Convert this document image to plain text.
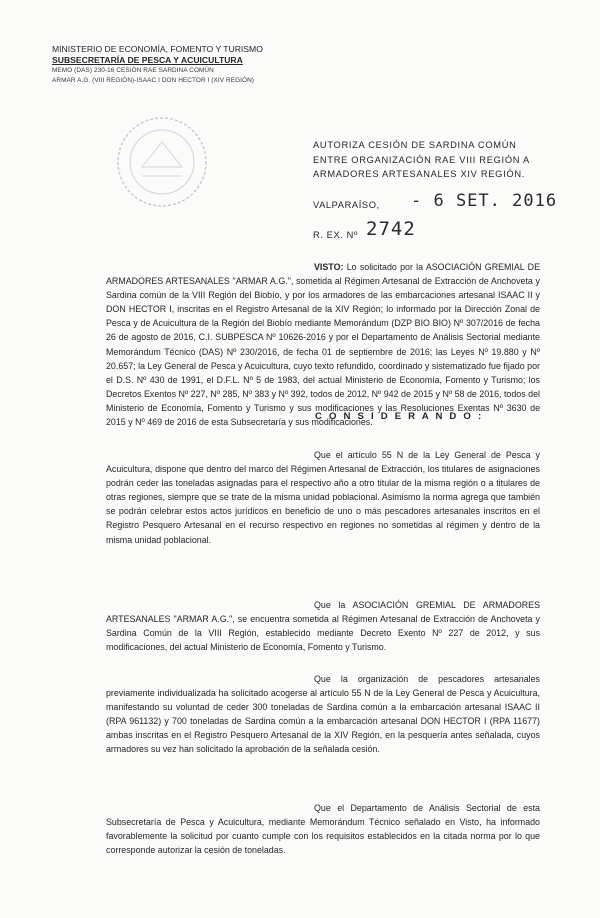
MINISTERIO DE ECONOMÍA, FOMENTO Y TURISMO
SUBSECRETARÍA DE PESCA Y ACUICULTURA
MEMO (DAS) 230-16 CESIÓN RAE SARDINA COMÚN
ARMAR A.G. (VIII REGIÓN)-ISAAC I DON HECTOR I (XIV REGIÓN)
AUTORIZA CESIÓN DE SARDINA COMÚN ENTRE ORGANIZACIÓN RAE VIII REGIÓN A ARMADORES ARTESANALES XIV REGIÓN.
VALPARAÍSO, - 6 SET. 2016
R. EX. Nº 2742
VISTO: Lo solicitado por la ASOCIACIÓN GREMIAL DE ARMADORES ARTESANALES "ARMAR A.G.", sometida al Régimen Artesanal de Extracción de Anchoveta y Sardina común de la VIII Región del Biobío, y por los armadores de las embarcaciones artesanal ISAAC II y DON HECTOR I, inscritas en el Registro Artesanal de la XIV Región; lo informado por la Dirección Zonal de Pesca y de Acuicultura de la Región del Biobío mediante Memorándum (DZP BIO BIO) Nº 307/2016 de fecha 26 de agosto de 2016, C.I. SUBPESCA Nº 10626-2016 y por el Departamento de Análisis Sectorial mediante Memorándum Técnico (DAS) Nº 230/2016, de fecha 01 de septiembre de 2016; las Leyes Nº 19.880 y Nº 20.657; la Ley General de Pesca y Acuicultura, cuyo texto refundido, coordinado y sistematizado fue fijado por el D.S. Nº 430 de 1991, el D.F.L. Nº 5 de 1983, del actual Ministerio de Economía, Fomento y Turismo; los Decretos Exentos Nº 227, Nº 285, Nº 383 y Nº 392, todos de 2012, Nº 942 de 2015 y Nº 58 de 2016, todos del Ministerio de Economía, Fomento y Turismo y sus modificaciones y las Resoluciones Exentas Nº 3630 de 2015 y Nº 469 de 2016 de esta Subsecretaría y sus modificaciones.
C O N S I D E R A N D O :
Que el artículo 55 N de la Ley General de Pesca y Acuicultura, dispone que dentro del marco del Régimen Artesanal de Extracción, los titulares de asignaciones podrán ceder las toneladas asignadas para el respectivo año a otro titular de la misma región o a titulares de otras regiones, siempre que se trate de la misma unidad poblacional. Asimismo la norma agrega que también se podrán celebrar estos actos jurídicos en beneficio de uno o más pescadores artesanales inscritos en el Registro Pesquero Artesanal en el recurso respectivo en regiones no sometidas al régimen y dentro de la misma unidad poblacional.
Que la ASOCIACIÓN GREMIAL DE ARMADORES ARTESANALES "ARMAR A.G.", se encuentra sometida al Régimen Artesanal de Extracción de Anchoveta y Sardina Común de la VIII Región, establecido mediante Decreto Exento Nº 227 de 2012, y sus modificaciones, del actual Ministerio de Economía, Fomento y Turismo.
Que la organización de pescadores artesanales previamente individualizada ha solicitado acogerse al artículo 55 N de la Ley General de Pesca y Acuicultura, manifestando su voluntad de ceder 300 toneladas de Sardina común a la embarcación artesanal ISAAC II (RPA 961132) y 700 toneladas de Sardina común a la embarcación artesanal DON HECTOR I (RPA 11677) ambas inscritas en el Registro Pesquero Artesanal de la XIV Región, en la pesquería antes señalada, cuyos armadores su vez han solicitado la aprobación de la señalada cesión.
Que el Departamento de Análisis Sectorial de esta Subsecretaría de Pesca y Acuicultura, mediante Memorándum Técnico señalado en Visto, ha informado favorablemente la solicitud por cuanto cumple con los requisitos establecidos en la citada norma por lo que corresponde autorizar la cesión de toneladas.
